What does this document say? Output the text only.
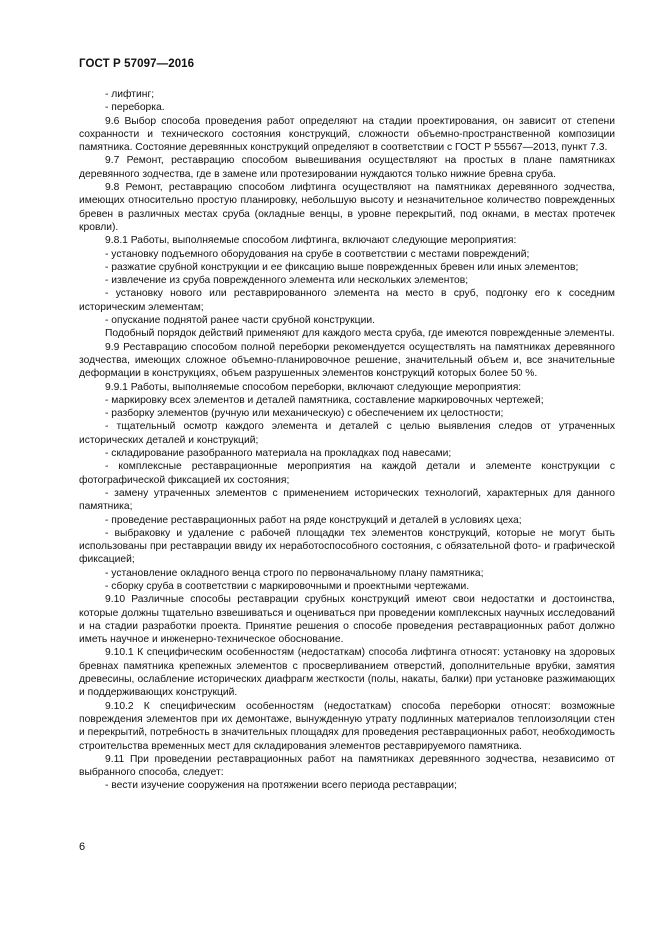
ГОСТ Р 57097—2016

- лифтинг;

- переборка.

9.6 Выбор способа проведения работ определяют на стадии проектирования, он зависит от степени сохранности и технического состояния конструкций, сложности объемно-пространственной композиции памятника. Состояние деревянных конструкций определяют в соответствии с ГОСТ Р 55567—2013, пункт 7.3.

9.7 Ремонт, реставрацию способом вывешивания осуществляют на простых в плане памятниках деревянного зодчества, где в замене или протезировании нуждаются только нижние бревна сруба.

9.8 Ремонт, реставрацию способом лифтинга осуществляют на памятниках деревянного зодчества, имеющих относительно простую планировку, небольшую высоту и незначительное количество поврежденных бревен в различных местах сруба (окладные венцы, в уровне перекрытий, под окнами, в местах протечек кровли).

9.8.1 Работы, выполняемые способом лифтинга, включают следующие мероприятия:

- установку подъемного оборудования на срубе в соответствии с местами повреждений;

- разжатие срубной конструкции и ее фиксацию выше поврежденных бревен или иных элементов;

- извлечение из сруба поврежденного элемента или нескольких элементов;

- установку нового или реставрированного элемента на место в сруб, подгонку его к соседним историческим элементам;

- опускание поднятой ранее части срубной конструкции.

Подобный порядок действий применяют для каждого места сруба, где имеются поврежденные элементы.

9.9 Реставрацию способом полной переборки рекомендуется осуществлять на памятниках деревянного зодчества, имеющих сложное объемно-планировочное решение, значительный объем и, все значительные деформации в конструкциях, объем разрушенных элементов конструкций которых более 50 %.

9.9.1 Работы, выполняемые способом переборки, включают следующие мероприятия:

- маркировку всех элементов и деталей памятника, составление маркировочных чертежей;

- разборку элементов (ручную или механическую) с обеспечением их целостности;

- тщательный осмотр каждого элемента и деталей с целью выявления следов от утраченных исторических деталей и конструкций;

- складирование разобранного материала на прокладках под навесами;

- комплексные реставрационные мероприятия на каждой детали и элементе конструкции с фотографической фиксацией их состояния;

- замену утраченных элементов с применением исторических технологий, характерных для данного памятника;

- проведение реставрационных работ на ряде конструкций и деталей в условиях цеха;

- выбраковку и удаление с рабочей площадки тех элементов конструкций, которые не могут быть использованы при реставрации ввиду их неработоспособного состояния, с обязательной фото- и графической фиксацией;

- установление окладного венца строго по первоначальному плану памятника;

- сборку сруба в соответствии с маркировочными и проектными чертежами.

9.10 Различные способы реставрации срубных конструкций имеют свои недостатки и достоинства, которые должны тщательно взвешиваться и оцениваться при проведении комплексных научных исследований и на стадии разработки проекта. Принятие решения о способе проведения реставрационных работ должно иметь научное и инженерно-техническое обоснование.

9.10.1 К специфическим особенностям (недостаткам) способа лифтинга относят: установку на здоровых бревнах памятника крепежных элементов с просверливанием отверстий, дополнительные врубки, замятия древесины, ослабление исторических диафрагм жесткости (полы, накаты, балки) при установке разжимающих и поддерживающих конструкций.

9.10.2 К специфическим особенностям (недостаткам) способа переборки относят: возможные повреждения элементов при их демонтаже, вынужденную утрату подлинных материалов теплоизоляции стен и перекрытий, потребность в значительных площадях для проведения реставрационных работ, необходимость строительства временных мест для складирования элементов реставрируемого памятника.

9.11 При проведении реставрационных работ на памятниках деревянного зодчества, независимо от выбранного способа, следует:

- вести изучение сооружения на протяжении всего периода реставрации;

6
